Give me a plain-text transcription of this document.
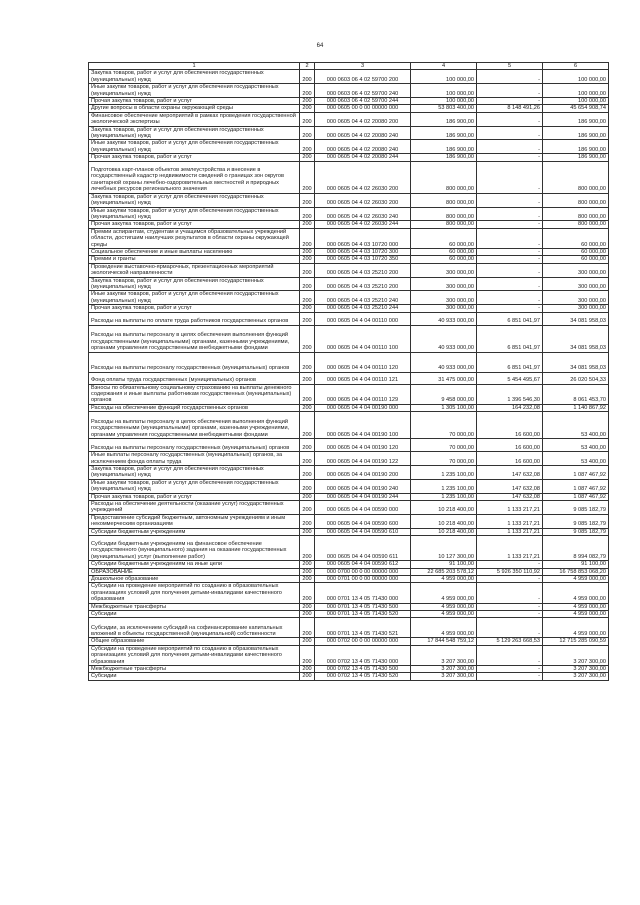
64
1	2	3	4	5	6
Закупка товаров, работ и услуг для обеспечения государственных (муниципальных) нужд	200	000 0603 06 4 02 59700 200	100 000,00	-	100 000,00
Иные закупки товаров, работ и услуг для обеспечения государственных (муниципальных) нужд	200	000 0603 06 4 02 59700 240	100 000,00	-	100 000,00
Прочая закупка товаров, работ и услуг	200	000 0603 06 4 02 59700 244	100 000,00	-	100 000,00
Другие вопросы в области охраны окружающей среды	200	000 0605 00 0 00 00000 000	53 803 400,00	8 148 491,26	45 654 908,74
Финансовое обеспечение мероприятий в рамках проведения государственной экологической экспертизы	200	000 0605 04 4 02 20080 200	186 900,00	-	186 900,00
Закупка товаров, работ и услуг для обеспечения государственных (муниципальных) нужд	200	000 0605 04 4 02 20080 240	186 900,00	-	186 900,00
Иные закупки товаров, работ и услуг для обеспечения государственных (муниципальных) нужд	200	000 0605 04 4 02 20080 240	186 900,00	-	186 900,00
Прочая закупка товаров, работ и услуг	200	000 0605 04 4 02 20080 244	186 900,00	-	186 900,00
Подготовка карт-планов объектов землеустройства и внесение в государственный кадастр недвижимости сведений о границах зон округов санитарной охраны лечебно-оздоровительных местностей и природных лечебных ресурсов регионального значения	200	000 0605 04 4 02 26030 200	800 000,00	-	800 000,00
Закупка товаров, работ и услуг для обеспечения государственных (муниципальных) нужд	200	000 0605 04 4 02 26030 200	800 000,00	-	800 000,00
Иные закупки товаров, работ и услуг для обеспечения государственных (муниципальных) нужд	200	000 0605 04 4 02 26030 240	800 000,00	-	800 000,00
Прочая закупка товаров, работ и услуг	200	000 0605 04 4 02 26030 244	800 000,00	-	800 000,00
Премии аспирантам, студентам и учащимся образовательных учреждений области, достигшим наилучших результатов в области охраны окружающей среды	200	000 0605 04 4 03 10720 000	60 000,00	-	60 000,00
Социальное обеспечение и иные выплаты населению	200	000 0605 04 4 03 10720 300	60 000,00	-	60 000,00
Премии и гранты	200	000 0605 04 4 03 10720 350	60 000,00	-	60 000,00
Проведение выставочно-ярмарочных, презентационных мероприятий экологической направленности	200	000 0605 04 4 03 25210 200	300 000,00	-	300 000,00
Закупка товаров, работ и услуг для обеспечения государственных (муниципальных) нужд	200	000 0605 04 4 03 25210 200	300 000,00	-	300 000,00
Иные закупки товаров, работ и услуг для обеспечения государственных (муниципальных) нужд	200	000 0605 04 4 03 25210 240	300 000,00	-	300 000,00
Прочая закупка товаров, работ и услуг	200	000 0605 04 4 03 25210 244	300 000,00	-	300 000,00
Расходы на выплаты по оплате труда работников государственных органов	200	000 0605 04 4 04 00110 000	40 933 000,00	6 851 041,97	34 081 958,03
Расходы на выплаты персоналу в целях обеспечения выполнения функций государственными (муниципальными) органами, казенными учреждениями, органами управления государственными внебюджетными фондами	200	000 0605 04 4 04 00110 100	40 933 000,00	6 851 041,97	34 081 958,03
Расходы на выплаты персоналу государственных (муниципальных) органов	200	000 0605 04 4 04 00110 120	40 933 000,00	6 851 041,97	34 081 958,03
Фонд оплаты труда государственных (муниципальных) органов	200	000 0605 04 4 04 00110 121	31 475 000,00	5 454 495,67	26 020 504,33
Взносы по обязательному социальному страхованию на выплаты денежного содержания и иные выплаты работникам государственных (муниципальных) органов	200	000 0605 04 4 04 00110 129	9 458 000,00	1 396 546,30	8 061 453,70
Расходы на обеспечение функций государственных органов	200	000 0605 04 4 04 00190 000	1 305 100,00	164 232,08	1 140 867,92
Расходы на выплаты персоналу в целях обеспечения выполнения функций государственными (муниципальными) органами, казенными учреждениями, органами управления государственными внебюджетными фондами	200	000 0605 04 4 04 00190 100	70 000,00	16 600,00	53 400,00
Расходы на выплаты персоналу государственных (муниципальных) органов	200	000 0605 04 4 04 00190 120	70 000,00	16 600,00	53 400,00
Иные выплаты персоналу государственных (муниципальных) органов, за исключением фонда оплаты труда	200	000 0605 04 4 04 00190 122	70 000,00	16 600,00	53 400,00
Закупка товаров, работ и услуг для обеспечения государственных (муниципальных) нужд	200	000 0605 04 4 04 00190 200	1 235 100,00	147 632,08	1 087 467,92
Иные закупки товаров, работ и услуг для обеспечения государственных (муниципальных) нужд	200	000 0605 04 4 04 00190 240	1 235 100,00	147 632,08	1 087 467,92
Прочая закупка товаров, работ и услуг	200	000 0605 04 4 04 00190 244	1 235 100,00	147 632,08	1 087 467,92
Расходы на обеспечение деятельности (оказание услуг) государственных учреждений	200	000 0605 04 4 04 00590 000	10 218 400,00	1 133 217,21	9 085 182,79
Предоставление субсидий бюджетным, автономным учреждениям и иным некоммерческим организациям	200	000 0605 04 4 04 00590 600	10 218 400,00	1 133 217,21	9 085 182,79
Субсидии бюджетным учреждениям	200	000 0605 04 4 04 00590 610	10 218 400,00	1 133 217,21	9 085 182,79
Субсидии бюджетным учреждениям на финансовое обеспечение государственного (муниципального) задания на оказание государственных (муниципальных) услуг (выполнение работ)	200	000 0605 04 4 04 00590 611	10 127 300,00	1 133 217,21	8 994 082,79
Субсидии бюджетным учреждениям на иные цели	200	000 0605 04 4 04 00590 612	91 100,00	-	91 100,00
ОБРАЗОВАНИЕ	200	000 0700 00 0 00 00000 000	22 685 203 578,12	5 926 350 110,92	16 758 853 068,20
Дошкольное образование	200	000 0701 00 0 00 00000 000	4 959 000,00	-	4 959 000,00
Субсидии на проведение мероприятий по созданию в образовательных организациях условий для получения детьми-инвалидами качественного образования	200	000 0701 13 4 05 71430 000	4 959 000,00	-	4 959 000,00
Межбюджетные трансферты	200	000 0701 13 4 05 71430 500	4 959 000,00	-	4 959 000,00
Субсидии	200	000 0701 13 4 05 71430 520	4 959 000,00	-	4 959 000,00
Субсидии, за исключением субсидий на софинансирование капитальных вложений в объекты государственной (муниципальной) собственности	200	000 0701 13 4 05 71430 521	4 959 000,00	-	4 959 000,00
Общее образование	200	000 0702 00 0 00 00000 000	17 844 548 759,12	5 129 263 668,53	12 715 285 090,59
Субсидии на проведение мероприятий по созданию в образовательных организациях условий для получения детьми-инвалидами качественного образования	200	000 0702 13 4 05 71430 000	3 207 300,00	-	3 207 300,00
Межбюджетные трансферты	200	000 0702 13 4 05 71430 500	3 207 300,00	-	3 207 300,00
Субсидии	200	000 0702 13 4 05 71430 520	3 207 300,00	-	3 207 300,00
